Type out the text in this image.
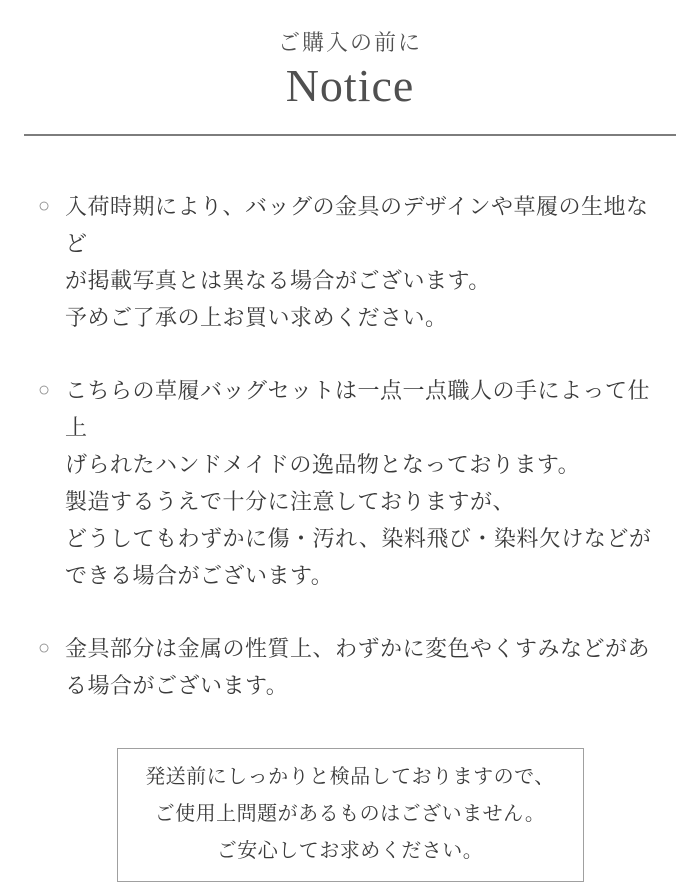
ご購入の前に
Notice
○ 入荷時期により、バッグの金具のデザインや草履の生地など
が掲載写真とは異なる場合がございます。
予めご了承の上お買い求めください。
○ こちらの草履バッグセットは一点一点職人の手によって仕上
げられたハンドメイドの逸品物となっております。
製造するうえで十分に注意しておりますが、
どうしてもわずかに傷・汚れ、染料飛び・染料欠けなどが
できる場合がございます。
○ 金具部分は金属の性質上、わずかに変色やくすみなどがあ
る場合がございます。
発送前にしっかりと検品しておりますので、
ご使用上問題があるものはございません。
ご安心してお求めください。
